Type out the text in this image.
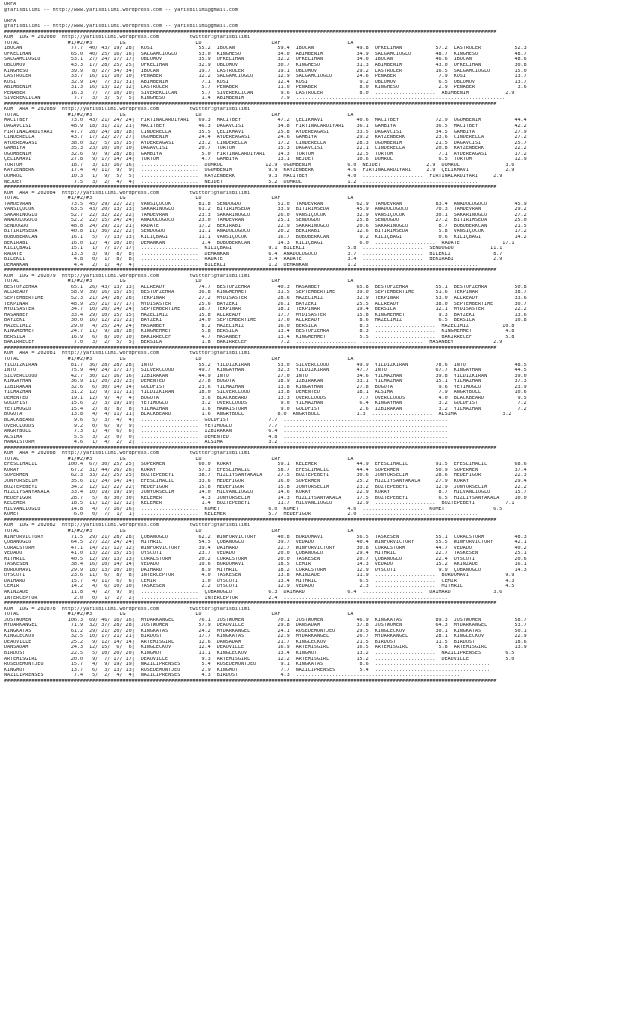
URFA
@YarisBilimi -- http://www.yarisbilimi.wordpress.com -- yarisbilimi@gmail.com
URFA
@YarisBilimi -- http://www.yarisbilimi.wordpress.com -- yarisbilimi@gmail.com
##################################################################################################################################################################
KUM  IDG = 202080  http://yarisbilimi.wordpress.com          twitter:@YarisBilimi
TOTAL                #1/#2/#3         LG                       LD                       LRF                      LA
IBOCAN                77.7  40/ 43/ 19/ 28|  KOSI               55.2  IBOCAN              59.4  IBOCAN              49.8  ÖFKELIHAN           57.2  LASTRULER           52.3
ÖFKELIHAN             65.0  40/ 25/ 16/ 16|  SALGAMCIOGLU       53.0  KINGHESO            34.0  ABIMBENIM           34.9  SALGAMCIOGLU        48.7  KINGHESO            48.7
SALGAMCIOGLU          53.1  27/ 24/ 17/ 17|  OBLOMOV            35.9  ÖFKELIHAN           32.2  ÖFKELIHAN           34.0  IBOCAN              46.6  IBOCAN              48.6
OBLOMOV               43.3  17/ 28/ 25/ 25|  ÖFKELIHAN          32.9  OBLOMOV             30.7  KINGHESO            31.3  ABIMBENIM           43.0  ÖFKELIHAN           30.8
KINGHESO              39.9   8/ 27/ 34/ 34|  IBOCAN             19.7  LASTRULER           19.1  OBLOMOV             29.2  LASTRULER           16.5  SALGAMCIOGLU        15.0
LASTRULER             33.7  16/ 11/ 10/ 10|  PENABER            12.2  SALGAMCIOGLU        12.9  SALGAMCIOGLU        24.6  PENABER              7.9  KOSI                13.7
KOSI                  32.9  14/  7/ 31/ 31|  ABIMBENIM           7.1  KOSI                12.4  KOSI                 9.2  OBLOMOV              6.5  OBLOMOV             13.7
ABIMBENIM             31.3  16/ 13/ 12/ 12|  LASTRULER           5.7  PENABER             11.0  PENABER              8.0  KINGHESO             2.9  PENABER              3.6
PENABER               16.3   7/  7/ 10/ 10|  SIVEREKLICAN        5.7  SIVEREKLICAN         9.6  LASTRULER            8.0  ....................  ABIMBENIM            2.9
SIVEREKLICAN           7.7   3/  3/  5/  5|  KINGHESO            1.4  ABIMBENIM            7.9  .....................................................................
##################################################################################################################################################################
KUM  ARA = 202089  http://yarisbilimi.wordpress.com          twitter:@YarisBilimi
TOTAL                #1/#2/#3         LG                       LD                       LRF                      LA
MACITBEY              73.0  43/ 21/ 24/ 24|  FIRTINALARDIYARI   69.3  MACITBEY            47.2  ÇELIKMAVI           40.6  MACITBEY            72.9  OGUMBENIM           44.4
DAGAVCISI             48.9  18/ 31/ 21/ 21|  MACITBEY           46.3  DAGAVCISI           34.8  FIRTINALARDIYARI    36.1  GAMBIYA             36.5  MACITBEY            42.2
FIRTINALARDIYARI      47.7  28/ 24/ 18/ 18|  CINDERELLA         35.5  ÇELIKMAVI           25.8  AYDEREAGASI         33.5  DAGAVCISI           34.5  GAMBIYA             27.9
CINDERELLA            43.7  17/ 22/ 27/ 27|  OGUMBENIM          24.4  AYDEREAGASI         24.6  GAMBIYA             29.2  KAYZENBERK          23.6  CINDERELLA          27.2
AYDEREAGASI           38.0  32/  5/ 15/ 15|  AYDEREAGASI        23.2  CINDERELLA          17.2  CINDERELLA          28.3  OGUMBENIM           21.5  DAGAVCISI           25.7
GAMBIYA               35.3  23/ 10/ 10/ 10|  DAGAVCISI          20.7  TORTUM              15.3  DAGAVCISI           22.1  CINDERELLA          20.8  KAYZENBERK          22.2
OGUMBENIM             32.6   9/  9/ 28/ 28|  GAMBIYA             5.0  FIRTINALARDIYARI    14.3  TORTUM              12.5  TORTUM               7.1  AYDEREAGASI         17.2
ÇELIKMAVI             27.8   9/ 17/ 14/ 14|  TORTUM              4.7  GAMBIYA             13.1  NEJDET              10.6  DUMRUL               6.5  TORTUM              12.9
TORTUM                18.7   3/ 13/ 16/ 16|  ...................  DUMRUL              12.9  OGUMBENIM            6.0  NEJDET               2.9  DUMRUL               3.6
KAYZENBERK            17.4   4/ 11/  9/  9|  ...................  OGUMBENIM            9.9  KAYZENBERK           4.6  FIRTINALARDIYARI     2.9  ÇELIKMAVI            2.9
DUMRUL                10.3   1/  9/  5/  5|  ...................  KAYZENBERK           9.3  MACITBEY             4.0  ....................  FIRTINALARDIYARI     2.9
NEJDET                 7.5   3/  2/  4/  4|  ...................  NEJDET               5.2  DUMRUL               1.2  ......................................
##################################################################################################################################################################
KUM  ARA = 202084  http://yarisbilimi.wordpress.com          twitter:@YarisBilimi
TOTAL                #1/#2/#3         LG                       LD                       LRF                      LA
TAMDEVRAN             73.5  45/ 29/ 22/ 22|  VANSIÇOCUK         81.8  SENDOGDU            51.0  TAMDEVRAN           62.9  TAMDEVRAN           83.4  ANADOLUGÜCÜ         45.9
VANSIÇOCUK            63.5  43/ 20/ 13/ 13|  SAKARINOGLU        61.2  BITIRIMSEDA         33.9  BITIRIMSEDA         45.9  ANADOLUGÜCÜ         70.3  TAMDEVRAN           29.2
SAKARINOGLU           52.7  22/ 32/ 22/ 22|  TAMDEVRAN          23.3  SAKARINOGLU         26.0  VANSIÇOCUK          32.9  VANSIÇOCUK          30.1  SAKARINOGLU         27.2
ANADOLUGÜCÜ           52.2  22/ 15/ 24/ 24|  ANADOLUGÜCÜ        23.0  TAMDEVRAN           25.1  SENDOGDU            25.8  SENDOGDU            27.2  BITIRIMSEDA         25.0
SENDOGDU              48.8  24/ 29/ 21/ 21|  RADATE             17.2  BEKIRABI            22.9  SAKARINOGLU         20.6  SAKARINOGLU          8.7  BOBOBERKCAN         21.5
BITIRIMSEDA           40.8  11/ 36/ 22/ 22|  SENDOGDU           11.1  ANADOLUGÜCÜ         20.2  BEKIRABI            12.6  BITIRIMSEDA          5.8  VANSIÇOCUK          17.2
BOBOBERKCAN           16.1   5/  7/ 13/ 13|  KILIÇBAGI          11.1  VANSIÇOCUK          16.7  BOBOBERKCAN          9.2  KILIÇBAGI            0.6  KILIÇBAGI           14.2
BEKIRABI              16.0  12/  4/ 10/ 10|  DEMANKAN            1.4  BOBOBERKCAN         14.3  KILIÇBAGI            6.0  ....................  RADATE              17.1
KILIÇBAGI             15.1   1/  7/ 17/ 17|  ...................  KILIÇBAGI            9.1  BILEKLI              5.8  ....................  SENDOGDU            11.1
RADATE                13.3   3/  9/  8/  8|  ...................  DEMANKAN             6.4  ANADOLUGÜCÜ          3.7  ....................  BILEKLI              8.7
BILEKLI                4.8   0/  1/  8/  8|  ...................  RADATE               3.4  RADATE               3.4  ....................  BEKIRABI             2.9
DEMANKAN               4.4   2/  1/  4/  4|  ...................  BILEKLI              1.2  DEMANKAN             1.2  ......................................
##################################################################################################################################################################
KUM  IDG = 202079  http://yarisbilimi.wordpress.com          twitter:@YarisBilimi
TOTAL                #1/#2/#3         LG                       LD                       LRF                      LA
BESTOFZEHRA           65.1  26/ 43/ 13/ 13|  ALLREADY           74.7  BESTOFZEHRA         40.3  HASANBEY            65.8  BESTOFZEHRA         55.1  BESTOFZEHRA         50.8
ALLREADY              58.9  39/ 16/ 15/ 15|  BESTOFZEHRA        36.8  KINGMEHMET          31.5  SEPTEMBERTIME       39.0  SEPTEMBERTIME       51.6  TEKPINAR            38.7
SEPTEMBERTIME         52.3  21/ 24/ 28/ 28|  TEKPINAR           27.2  MYDISASTER          28.6  HAZELIMIZ           32.9  TEKPINAR            53.0  ALLREADY            33.6
TEKPINAR              48.9  25/ 21/ 17/ 17|  MYDISASTER         25.6  BAYZEKI             26.1  BAYZEKI             25.5  ALLREADY            38.0  SEPTEMBERTIME       30.7
MYDISASTER            34.7  10/ 20/ 24/ 24|  SEPTEMBERTIME      18.7  TEKPINAR            18.1  TEKPINAR            19.4  BERSILA             12.1  MYDISASTER          22.2
HASANBEY              33.4  29/ 10/ 15/ 15|  HAZELIMIZ          15.8  ALLREADY            17.7  MYDISASTER          15.8  KINGMEHMET           9.3  BAYZEKI             13.6
BAYZEKI               30.0  16/ 12/ 21/ 21|  BAYZEKI            14.0  SEPTEMBERTIME       17.0  ALLREADY             8.6  HAZELIMIZ            6.5  BERSILA             10.8
HAZELIMIZ             29.0   4/ 25/ 24/ 24|  HASANBEY            8.2  HAZELIMIZ           16.0  BERSILA              8.3  ....................  HAZELIMIZ           10.8
KINGMEHMET            24.7  11/  9/ 18/ 18|  KINGMEHMET          5.8  BERSILA             13.4  BESTOFZEHRA          8.3  ....................  KINGMEHMET           4.8
BERSILA               16.9   6/  8/ 10/ 10|  BAKIRRECEF          4.7  HASANBEY            13.4  KINGMEHMET           5.5  ....................  BAKIRRECEF           5.8
BAKIRRECEF             7.0   3/  2/  5/  5|  BERSILA             1.8  BAKIRRECEF           7.2  ....................  ....................  HASANBEY             2.9
##################################################################################################################################################################
KUM  ARA = 202081  http://yarisbilimi.wordpress.com          twitter:@YarisBilimi
TOTAL                #1/#2/#3         LG                       LD                       LRF                      LA
YILDIZKIRAN           81.7  36/ 28/ 28/ 28|  INTO               55.2  YILDIZKIRAN         53.0  SILVERCLOUD         49.9  YILDIZKIRAN         78.6  INTO                48.5
INTO                  75.9  44/ 24/ 17/ 17|  SILVERCLOUD        49.7  KINGAYHAN           32.3  YILDIZKIRAN         47.7  INTO                67.7  KINGAYHAN           44.5
SILVERCLOUD           42.7  30/ 12/ 16/ 16|  IZBIRAKAN          44.9  INTO                27.0  INTO                34.6  YILMAZHAN           39.8  YILDIZKIRAN         39.0
KINGAYHAN             36.9  11/ 20/ 23/ 23|  DEMENTED           27.8  BOGOTA              18.9  IZBIRAKAN           33.1  YILMAZHAN           15.1  YILMAZHAN           37.3
IZBIRAKAN             32.6   6/ 30/ 14/ 14|  GOLDFIST           23.6  YILMAZHAN           13.8  KINGAYHAN           27.8  BOGOTA               9.6  YETIMOGLU           23.9
YILMAZHAN             31.2  12/  9/ 11/ 11|  YILDIZKIRAN        18.0  SILVERCLOUD         13.8  DEMENTED            18.1  ALSIMA               7.9  ANGRYBULL           10.6
DEMENTED              19.1  12/  9/  4/  4|  BOGOTA              3.6  BLACKBEARD          13.3  OVERCLOUDS           7.7  OVERCLOUDS           4.0  BLACKBEARD           9.5
GOLDFIST              15.6   2/  3/ 19/ 19|  YETIMOGLU           3.2  OVERCLOUDS           9.0  YILMAZHAN            6.4  KINGAYHAN            3.2  GOLDFIST             7.2
YETIMOGLU             15.4   2/  8/  8/  8|  YILMAZHAN           1.6  HAWAISTORM           9.0  GOLDFIST             2.6  IZBIRAKAN            3.2  YILMAZHAN            7.2
BOGOTA                13.8   4/  4/ 11/ 11|  BLACKBEARD          1.6  ANGRYBULL           8.0  ANGRYBULL            1.3  ....................  ALSIMA               3.2
BLACKBEARD             9.6   5/  3/  4/  4|  ...................  GOLDFIST             7.7  ......................................................
OVERCLOUDS             9.2   0/  6/  9/  9|  ...................  YETIMOGLU            7.7  ......................................................
ANGRYBULL              7.3   1/  4/  6/  6|  ...................  IZBIRAKAN            6.4  ......................................................
ALSIMA                 5.5   3/  2/  0/  0|  ...................  DEMENTED             4.8  ......................................................
HAWAISTORM             4.6   1/  4/  2/  2|  ...................  ALSIMA               3.2  ......................................................
##################################################################################################################################################################
KUM  ARA = 202088  http://yarisbilimi.wordpress.com          twitter:@YarisBilimi
TOTAL                #1/#2/#3         LG                       LD                       LRF                      LA
EFESLIHALIL          100.4  67/ 30/ 25/ 25|  SÜPERMEN           60.0  KORAY               59.1  KELEMER             44.9  EFESLIHALIL         91.5  EFESLIHALIL         68.6
KORAY                 67.2  31/ 44/ 26/ 26|  KORAY              57.3  EFESLIHALIL         58.7  EFESLIHALIL         44.4  SÜPERMEN            50.9  SÜPERMEN            37.4
SÜPERMEN              62.3  33/ 22/ 25/ 25|  BOZTEPEBEYI        38.7  HIZLIYSANYAKALA     27.5  BOZTEPEBEYI         30.6  JUNYORSELIM         28.6  HEDEFIGÖR           22.3
JUNYORSELIM           35.6  11/ 24/ 14/ 14|  EFESLIHALIL        33.6  HEDEFIGÖR           16.0  SÜPERMEN            25.2  HIZLIYSANYAKALA     27.9  KORAY               29.4
BOZTEPEBEYI           34.2  12/ 12/ 22/ 22|  HEDEFIGÖR          15.8  HEDEFIGÖR           15.8  JUNYORSELIM         23.2  BOZTEPEBEYI         12.9  JUNYORSELIM         22.2
HIZLIYSANYAKALA       33.4  10/ 19/ 19/ 19|  JUNYORSELIM        14.0  HILVANLIOGLU        14.6  KORAY               22.9  KORAY                8.7  HILVANLIOGLU        15.7
HEDEFIGÖR             28.7   5/  8/ 30/ 30|  KELEMER             4.3  JUNYORSELIM         14.3  HIZLIYSANYAKALA     17.5  BOZTEPEBEYI          6.5  HIZLIYSANYAKALA     10.0
KELEMER               18.5  11/ 12/ 12/ 12|  KELEMER             1.4  BOZTEPEBEYI         11.7  HILVANLIOGLU        12.9  ....................  BOZTEPEBEYI          7.1
HILVANLIOGLU          14.8   4/  7/ 16/ 16|  ...................  KOMET                6.0  KOMET                4.6  ....................  KOMET                6.5
KOMET                  6.0   0/  7/  1/  1|  ...................  KELEMER              5.7  HEDEFIGÖR            2.0  ......................................
##################################################################################################################################################################
KUM  IDG = 202082  http://yarisbilimi.wordpress.com          twitter:@YarisBilimi
TOTAL                #1/#2/#3         LG                       LD                       LRF                      LA
WINFORVICTORY         71.5  29/ 21/ 28/ 28|  ÇOBANOGLU          62.2  WINFORVICTORY       40.8  BORDOMAVI           56.5  TASKESEN            55.1  CORALSTORM          48.3
ÇOBANOGLU             64.5  27/ 22/ 24/ 24|  MITHRIL            54.5  ÇOBANOGLU           39.7  VEDADO              40.4  WINFORVICTORY       55.5  WINFORVICTORY       42.1
CORALSTORM            47.1  14/ 21/ 12/ 12|  WINFORVICTORY      39.4  DAIHARD             22.7  WINFORVICTORY       30.8  CORALSTORM          44.7  VEDADO              40.2
VEDADO                41.0  13/ 22/ 15/ 15|  UYSCUTI            23.7  VEDADO              20.0  ÇOBANOGLU           29.4  MITHRIL             22.7  TASKESEN            25.1
MITHRIL               40.5  12/ 19/ 13/ 13|  CORALSTORM         20.2  CORALSTORM          20.0  TASKESEN            20.7  ÇOBANOGLU           22.4  UYSCUTI             20.6
TASKESEN              38.4  16/ 10/ 14/ 14|  VEDADO             10.6  BORDOMAVI           18.5  CEMIR               14.3  VEDADO              15.2  AKINZADE            16.1
BORDOMAVI             29.9  18/ 13/ 10/ 10|  DAIHARD             8.9  MITHRIL             18.2  CORALSTORM          12.9  UYSCUTI              9.9  ÇOBANOGLU           14.3
UYSCUTI               23.6  11/  6/  8/  8|  INTERCEPTOR         4.0  TASKESEN            13.8  AKINZADE            11.9  ....................  BORDOMAVI            9.9
DAIHARD               15.7   4/ 11/  6/  6|  CEMIR               1.0  UYSCUTI             13.4  MITHRIL              6.5  ....................  CEMIR                4.3
CEMIR                 14.2   4/  6/ 10/ 10|  TASKESEN            2.2  UYSCUTI             12.9  VEDADO               2.3  ....................  MITHRIL              4.5
AKINZADE              11.8   4/  2/  9/  9|  ...................  ÇOBANOGLU            6.3  DAIHARD              6.4  ....................  DAIHARD              3.6
INTERCEPTOR            2.0   0/  1/  2/  2|  ...................  INTERCEPTOR          2.4  ......................................................
##################################################################################################################################################################
KUM  IDG = 202078  http://yarisbilimi.wordpress.com          twitter:@YarisBilimi
TOTAL                #1/#2/#3         LG                       LD                       LRF                      LA
JUSTWOMEN            106.3  69/ 46/ 16/ 16|  MYDARKANGEL        76.1  JUSTWOMEN           70.1  JUSTWOMEN           46.9  KINGKATAS           89.3  JUSTWOMEN           58.7
MYDARKANGEL           71.9  32/ 37/ 28/ 28|  JUSTWOMEN          57.9  DEAUVILLE           29.8  DANSADAM            37.8  JUSTWOMEN           64.3  MYDARKANGEL         53.7
KINGKATAS             61.2  29/ 21/ 20/ 20|  KINGKATAS          24.2  MYDARKANGEL         24.1  ROSEDEMONTJEU       29.5  KINGLECKOV          30.1  KINGKATAS           50.1
KINGLECKOV            32.5  10/ 17/ 21/ 21|  BIRDOST            17.7  KINGKATAS           22.9  MYDARKANGEL         26.7  MYDARKANGEL         28.1  KINGLECKOV          22.9
DEAUVILLE             25.2   9/ 12/ 14/ 14|  ARTEMISGIRL        12.6  DANSADAM            21.7  KINGLECKOV          21.5  BIRDOST             11.5  BIRDOST             18.6
DANSADAM              24.3  12/ 15/  6/  6|  KINGLECKOV         12.4  DEAUVILLE           16.9  ARTEMISGIRL         16.5  ARTEMISGIRL          5.8  ARTEMISGIRL         13.9
BIRDOST               22.5   5/ 10/ 20/ 20|  KINGMUT            11.1  KINGLECKOV          13.4  KINGMUT             13.2  ....................  NAZILIPRENSES        6.5
ARTEMISGIRL           20.0   9/  7/ 17/ 17|  DEAUVILLE           9.3  ARTEMISGIRL         12.2  ARTEMISGIRL         15.2  ....................  DEAUVILLE            5.0
ROSEDEMONTJEU         15.7   4/  9/ 19/ 19|  NAZILIPRENSES       5.4  ROSEDEMONTJEU        9.1  KINGKATAS            8.6  ......................................
KINGMUT               13.7   6/  3/ 13/ 13|  ROSEDEMONTJEU       2.9  KINGMUT              7.7  NAZILIPRENSES        5.4  ......................................
NAZILIPRENSES          7.4   5/  2/  4/  4|  NAZILIPRENSES       4.3  BIRDOST              4.3  ......................................................
##################################################################################################################################################################
